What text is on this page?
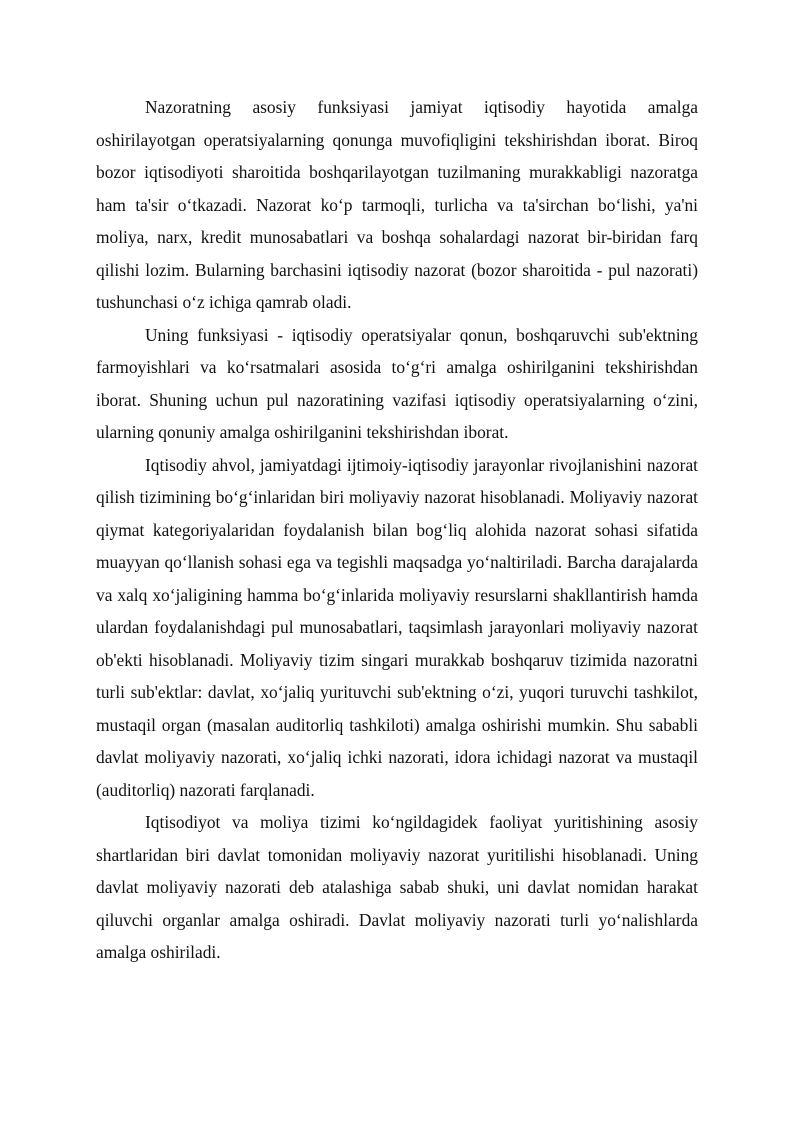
Nazoratning asosiy funksiyasi jamiyat iqtisodiy hayotida amalga oshirilayotgan operatsiyalarning qonunga muvofiqligini tekshirishdan iborat. Biroq bozor iqtisodiyoti sharoitida boshqarilayotgan tuzilmaning murakkabligi nazoratga ham ta'sir o‘tkazadi. Nazorat ko‘p tarmoqli, turlicha va ta'sirchan bo‘lishi, ya'ni moliya, narx, kredit munosabatlari va boshqa sohalardagi nazorat bir-biridan farq qilishi lozim. Bularning barchasini iqtisodiy nazorat (bozor sharoitida - pul nazorati) tushunchasi o‘z ichiga qamrab oladi.

Uning funksiyasi - iqtisodiy operatsiyalar qonun, boshqaruvchi sub'ektning farmoyishlari va ko‘rsatmalari asosida to‘g‘ri amalga oshirilganini tekshirishdan iborat. Shuning uchun pul nazoratining vazifasi iqtisodiy operatsiyalarning o‘zini, ularning qonuniy amalga oshirilganini tekshirishdan iborat.

Iqtisodiy ahvol, jamiyatdagi ijtimoiy-iqtisodiy jarayonlar rivojlanishini nazorat qilish tizimining bo‘g‘inlaridan biri moliyaviy nazorat hisoblanadi. Moliyaviy nazorat qiymat kategoriyalaridan foydalanish bilan bog‘liq alohida nazorat sohasi sifatida muayyan qo‘llanish sohasi ega va tegishli maqsadga yo‘naltiriladi. Barcha darajalarda va xalq xo‘jaligining hamma bo‘g‘inlarida moliyaviy resurslarni shakllantirish hamda ulardan foydalanishdagi pul munosabatlari, taqsimlash jarayonlari moliyaviy nazorat ob'ekti hisoblanadi. Moliyaviy tizim singari murakkab boshqaruv tizimida nazoratni turli sub'ektlar: davlat, xo‘jaliq yurituvchi sub'ektning o‘zi, yuqori turuvchi tashkilot, mustaqil organ (masalan auditorliq tashkiloti) amalga oshirishi mumkin. Shu sababli davlat moliyaviy nazorati, xo‘jaliq ichki nazorati, idora ichidagi nazorat va mustaqil (auditorliq) nazorati farqlanadi.

Iqtisodiyot va moliya tizimi ko‘ngildagidek faoliyat yuritishining asosiy shartlaridan biri davlat tomonidan moliyaviy nazorat yuritilishi hisoblanadi. Uning davlat moliyaviy nazorati deb atalashiga sabab shuki, uni davlat nomidan harakat qiluvchi organlar amalga oshiradi. Davlat moliyaviy nazorati turli yo‘nalishlarda amalga oshiriladi.
